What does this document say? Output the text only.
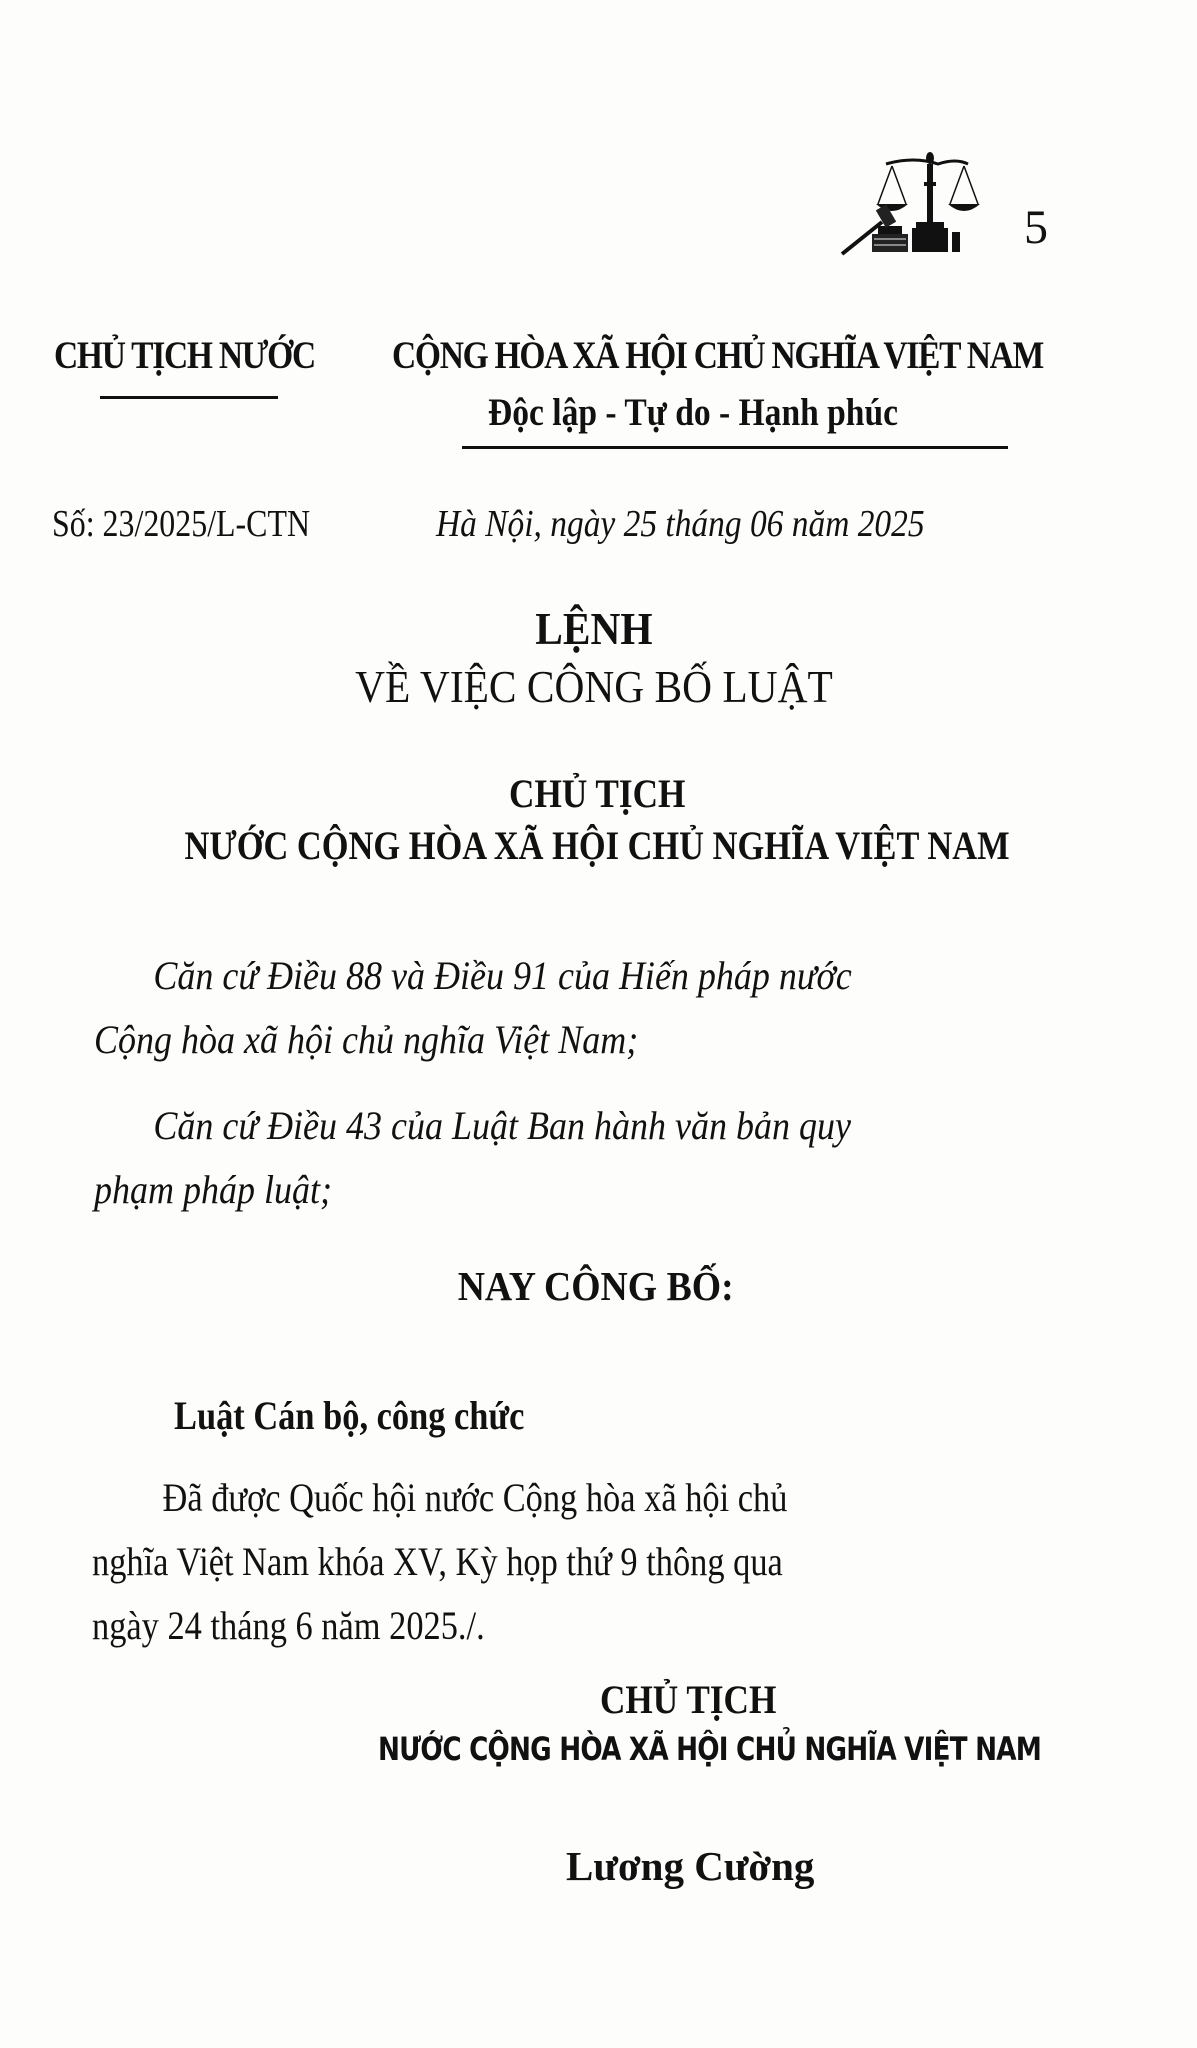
5
CHỦ TỊCH NƯỚC CỘNG HÒA XÃ HỘI CHỦ NGHĨA VIỆT NAM
Độc lập - Tự do - Hạnh phúc
Số: 23/2025/L-CTN	Hà Nội, ngày 25 tháng 06 năm 2025
LỆNH
VỀ VIỆC CÔNG BỐ LUẬT
CHỦ TỊCH
NƯỚC CỘNG HÒA XÃ HỘI CHỦ NGHĨA VIỆT NAM
Căn cứ Điều 88 và Điều 91 của Hiến pháp nước
Cộng hòa xã hội chủ nghĩa Việt Nam;
Căn cứ Điều 43 của Luật Ban hành văn bản quy
phạm pháp luật;
NAY CÔNG BỐ:
Luật Cán bộ, công chức
Đã được Quốc hội nước Cộng hòa xã hội chủ
nghĩa Việt Nam khóa XV, Kỳ họp thứ 9 thông qua
ngày 24 tháng 6 năm 2025./.
CHỦ TỊCH
NƯỚC CỘNG HÒA XÃ HỘI CHỦ NGHĨA VIỆT NAM
Lương Cường
